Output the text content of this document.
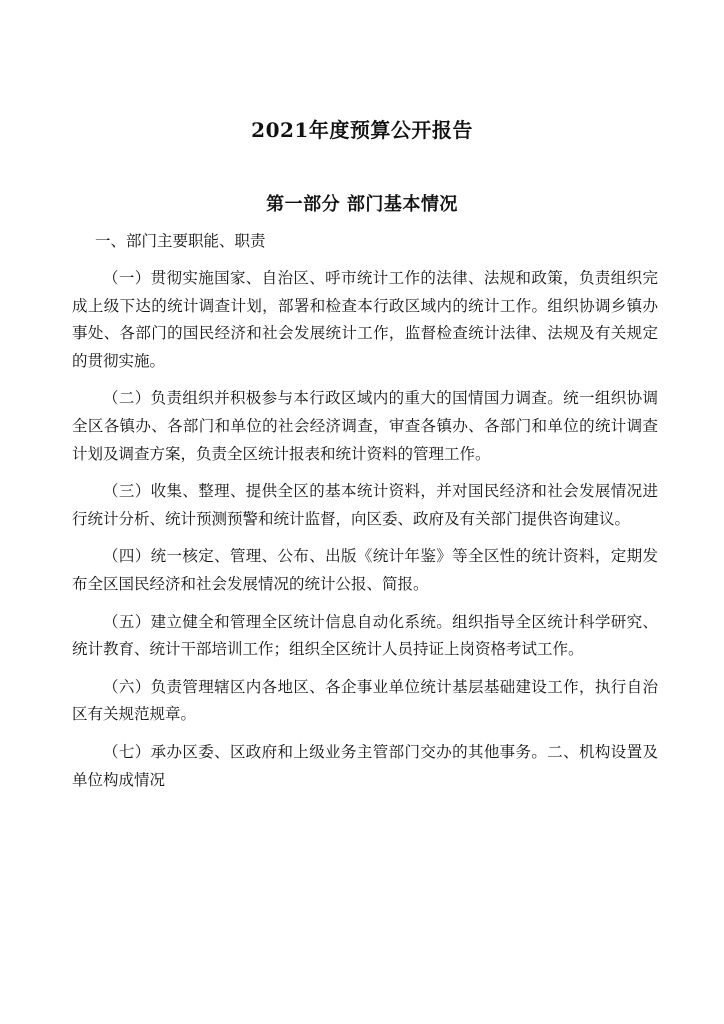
2021年度预算公开报告
第一部分 部门基本情况
一、部门主要职能、职责

（一）贯彻实施国家、自治区、呼市统计工作的法律、法规和政策，负责组织完成上级下达的统计调查计划，部署和检查本行政区域内的统计工作。组织协调乡镇办事处、各部门的国民经济和社会发展统计工作，监督检查统计法律、法规及有关规定的贯彻实施。

（二）负责组织并积极参与本行政区域内的重大的国情国力调查。统一组织协调全区各镇办、各部门和单位的社会经济调查，审查各镇办、各部门和单位的统计调查计划及调查方案，负责全区统计报表和统计资料的管理工作。

（三）收集、整理、提供全区的基本统计资料，并对国民经济和社会发展情况进行统计分析、统计预测预警和统计监督，向区委、政府及有关部门提供咨询建议。

（四）统一核定、管理、公布、出版《统计年鉴》等全区性的统计资料，定期发布全区国民经济和社会发展情况的统计公报、简报。

（五）建立健全和管理全区统计信息自动化系统。组织指导全区统计科学研究、统计教育、统计干部培训工作；组织全区统计人员持证上岗资格考试工作。

（六）负责管理辖区内各地区、各企事业单位统计基层基础建设工作，执行自治区有关规范规章。

（七）承办区委、区政府和上级业务主管部门交办的其他事务。二、机构设置及单位构成情况
